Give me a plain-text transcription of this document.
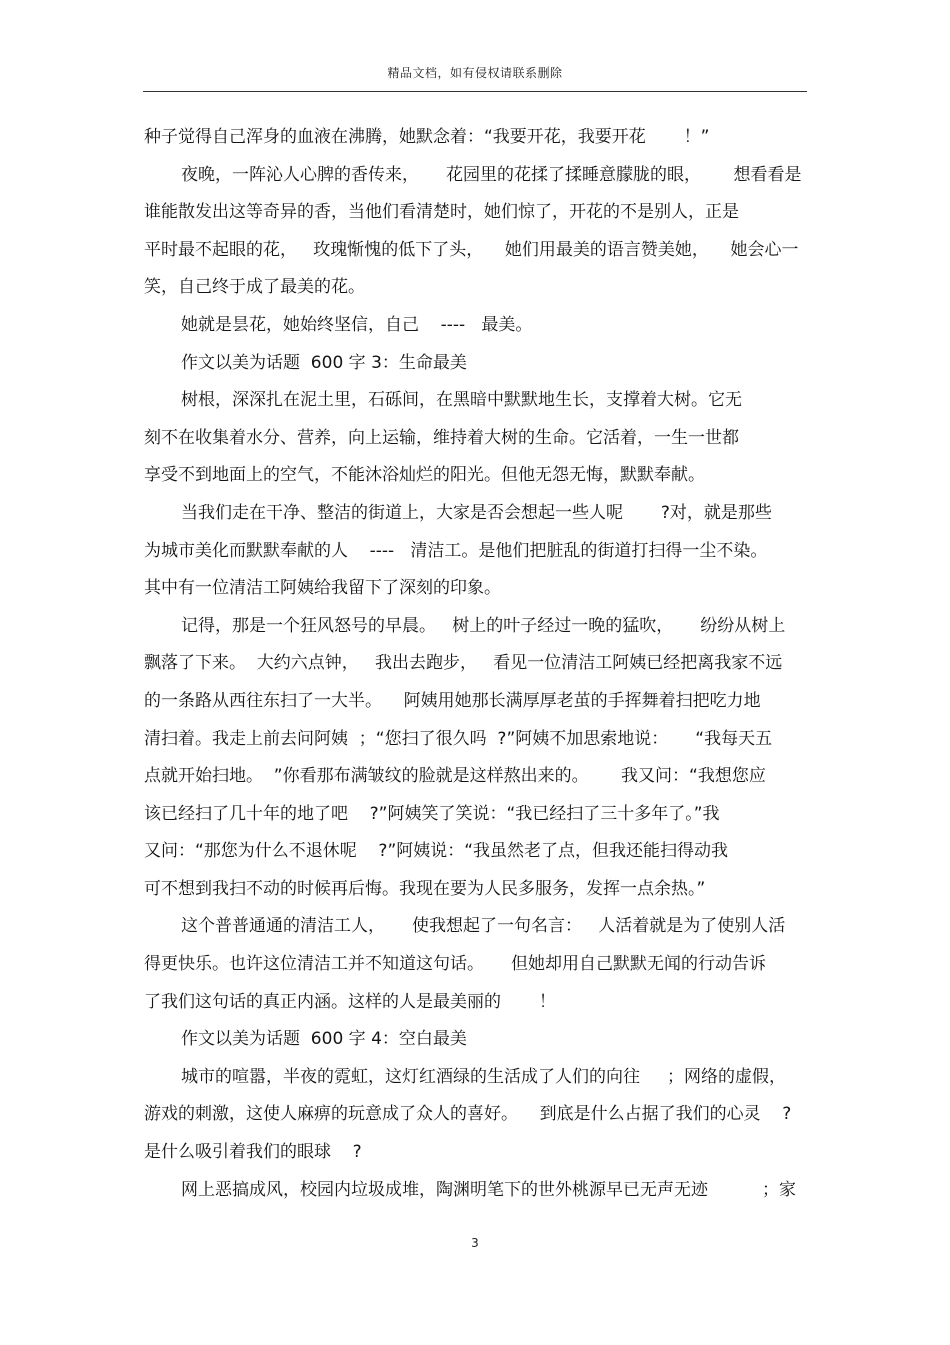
精品文档，如有侵权请联系删除
种子觉得自己浑身的血液在沸腾，她默念着：“我要开花，我要开花       ！”
夜晚，一阵沁人心脾的香传来，     花园里的花揉了揉睡意朦胧的眼，      想看看是
谁能散发出这等奇异的香，当他们看清楚时，她们惊了，开花的不是别人，正是
平时最不起眼的花，   玫瑰惭愧的低下了头，    她们用最美的语言赞美她，    她会心一
笑，自己终于成了最美的花。
她就是昙花，她始终坚信，自己    ----   最美。
作文以美为话题  600 字 3：生命最美
树根，深深扎在泥土里，石砾间，在黑暗中默默地生长，支撑着大树。它无
刻不在收集着水分、营养，向上运输，维持着大树的生命。它活着，一生一世都
享受不到地面上的空气，不能沐浴灿烂的阳光。但他无怨无悔，默默奉献。
当我们走在干净、整洁的街道上，大家是否会想起一些人呢       ?对，就是那些
为城市美化而默默奉献的人    ----   清洁工。是他们把脏乱的街道打扫得一尘不染。
其中有一位清洁工阿姨给我留下了深刻的印象。
记得，那是一个狂风怒号的早晨。   树上的叶子经过一晚的猛吹，     纷纷从树上
飘落了下来。  大约六点钟，   我出去跑步，   看见一位清洁工阿姨已经把离我家不远
的一条路从西往东扫了一大半。    阿姨用她那长满厚厚老茧的手挥舞着扫把吃力地
清扫着。我走上前去问阿姨  ；“您扫了很久吗  ?”阿姨不加思索地说：     “我每天五
点就开始扫地。  ”你看那布满皱纹的脸就是这样熬出来的。      我又问：“我想您应
该已经扫了几十年的地了吧    ?”阿姨笑了笑说：“我已经扫了三十多年了。”我
又问：“那您为什么不退休呢    ?”阿姨说：“我虽然老了点，但我还能扫得动我
可不想到我扫不动的时候再后悔。我现在要为人民多服务，发挥一点余热。”
这个普普通通的清洁工人，     使我想起了一句名言：   人活着就是为了使别人活
得更快乐。也许这位清洁工并不知道这句话。     但她却用自己默默无闻的行动告诉
了我们这句话的真正内涵。这样的人是最美丽的       ！
作文以美为话题  600 字 4：空白最美
城市的喧嚣，半夜的霓虹，这灯红酒绿的生活成了人们的向往     ；网络的虚假，
游戏的刺激，这使人麻痹的玩意成了众人的喜好。    到底是什么占据了我们的心灵    ?
是什么吸引着我们的眼球    ?
网上恶搞成风，校园内垃圾成堆，陶渊明笔下的世外桃源早已无声无迹          ；家
3
